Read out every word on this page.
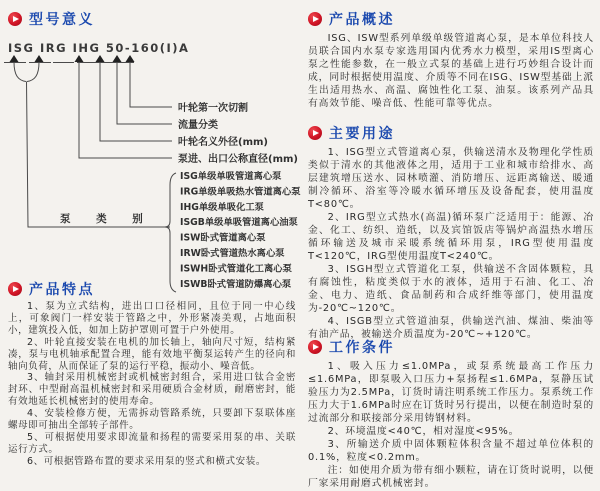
型号意义
ISG IRG IHG 50-160(Ⅰ)A
叶轮第一次切割
流量分类
叶轮名义外径(mm)
泵进、出口公称直径(mm)
泵 类 别
ISG单级单吸管道离心泵
IRG单级单吸热水管道离心泵
IHG单级单吸化工泵
ISGB单级单吸管道离心油泵
ISW卧式管道离心泵
IRW卧式管道热水离心泵
ISWH卧式管道化工离心泵
ISWB卧式管道防爆离心泵
产品特点

1、泵为立式结构，进出口口径相同，且位于同一中心线上，可象阀门一样安装于管路之中，外形紧凑美观，占地面积小，建筑投入低，如加上防护罩则可置于户外使用。

2、叶轮直接安装在电机的加长轴上，轴向尺寸短，结构紧凑，泵与电机轴承配置合理，能有效地平衡泵运转产生的径向和轴向负荷，从而保证了泵的运行平稳，振动小、噪音低。

3、轴封采用机械密封或机械密封组合，采用进口钛合金密封环、中型耐高温机械密封和采用硬质合金材质，耐磨密封，能有效地延长机械密封的使用寿命。

4、安装检修方便，无需拆动管路系统，只要卸下泵联体座螺母即可抽出全部转子部件。

5、可根据使用要求即流量和扬程的需要采用泵的串、关联运行方式。

6、可根据管路布置的要求采用泵的竖式和横式安装。

产品概述

ISG、ISW型系列单级单级管道离心泵，是本单位科技人员联合国内水泵专家选用国内优秀水力模型，采用IS型离心泵之性能参数，在一般立式泵的基础上进行巧妙组合设计而成，同时根据使用温度、介质等不同在ISG、ISW型基础上派生出适用热水、高温、腐蚀性化工泵、油泵。该系列产品具有高效节能、噪音低、性能可靠等优点。

主要用途

1、ISG型立式管道离心泵，供输送清水及物理化学性质类似于清水的其他液体之用，适用于工业和城市给排水、高层建筑增压送水、园林喷灌、消防增压、远距离输送、暖通制冷循环、浴室等冷暖水循环增压及设备配套，使用温度T<80℃。

2、IRG型立式热水(高温)循环泵广泛适用于：能源、冶金、化工、纺织、造纸，以及宾馆饭店等锅炉高温热水增压循环输送及城市采暖系统循环用泵，IRG型使用温度T<120℃，IRG型使用温度T<240℃。

3、ISGH型立式管道化工泵，供输送不含固体颗粒，具有腐蚀性，粘度类似于水的液体，适用于石油、化工、冶金、电力、造纸、食品制药和合成纤维等部门，使用温度为-20℃~120℃。

4、ISGB型立式管道油泵，供输送汽油、煤油、柴油等有油产品，被输送介质温度为-20℃~+120℃。

工作条件

1、吸入压力≤1.0MPa，或泵系统最高工作压力≤1.6MPa，即泵吸入口压力+泵扬程≤1.6MPa，泵静压试验压力为2.5MPa，订货时请注明系统工作压力。泵系统工作压力大于1.6MPa时应在订货时另行提出，以便在制造时泵的过流部分和联接部分采用铸钢材料。

2、环境温度<40℃，相对湿度<95%。

3、所输送介质中固体颗粒体积含量不超过单位体积的0.1%，粒度<0.2mm。

注：如使用介质为带有细小颗粒，请在订货时说明，以便厂家采用耐磨式机械密封。
